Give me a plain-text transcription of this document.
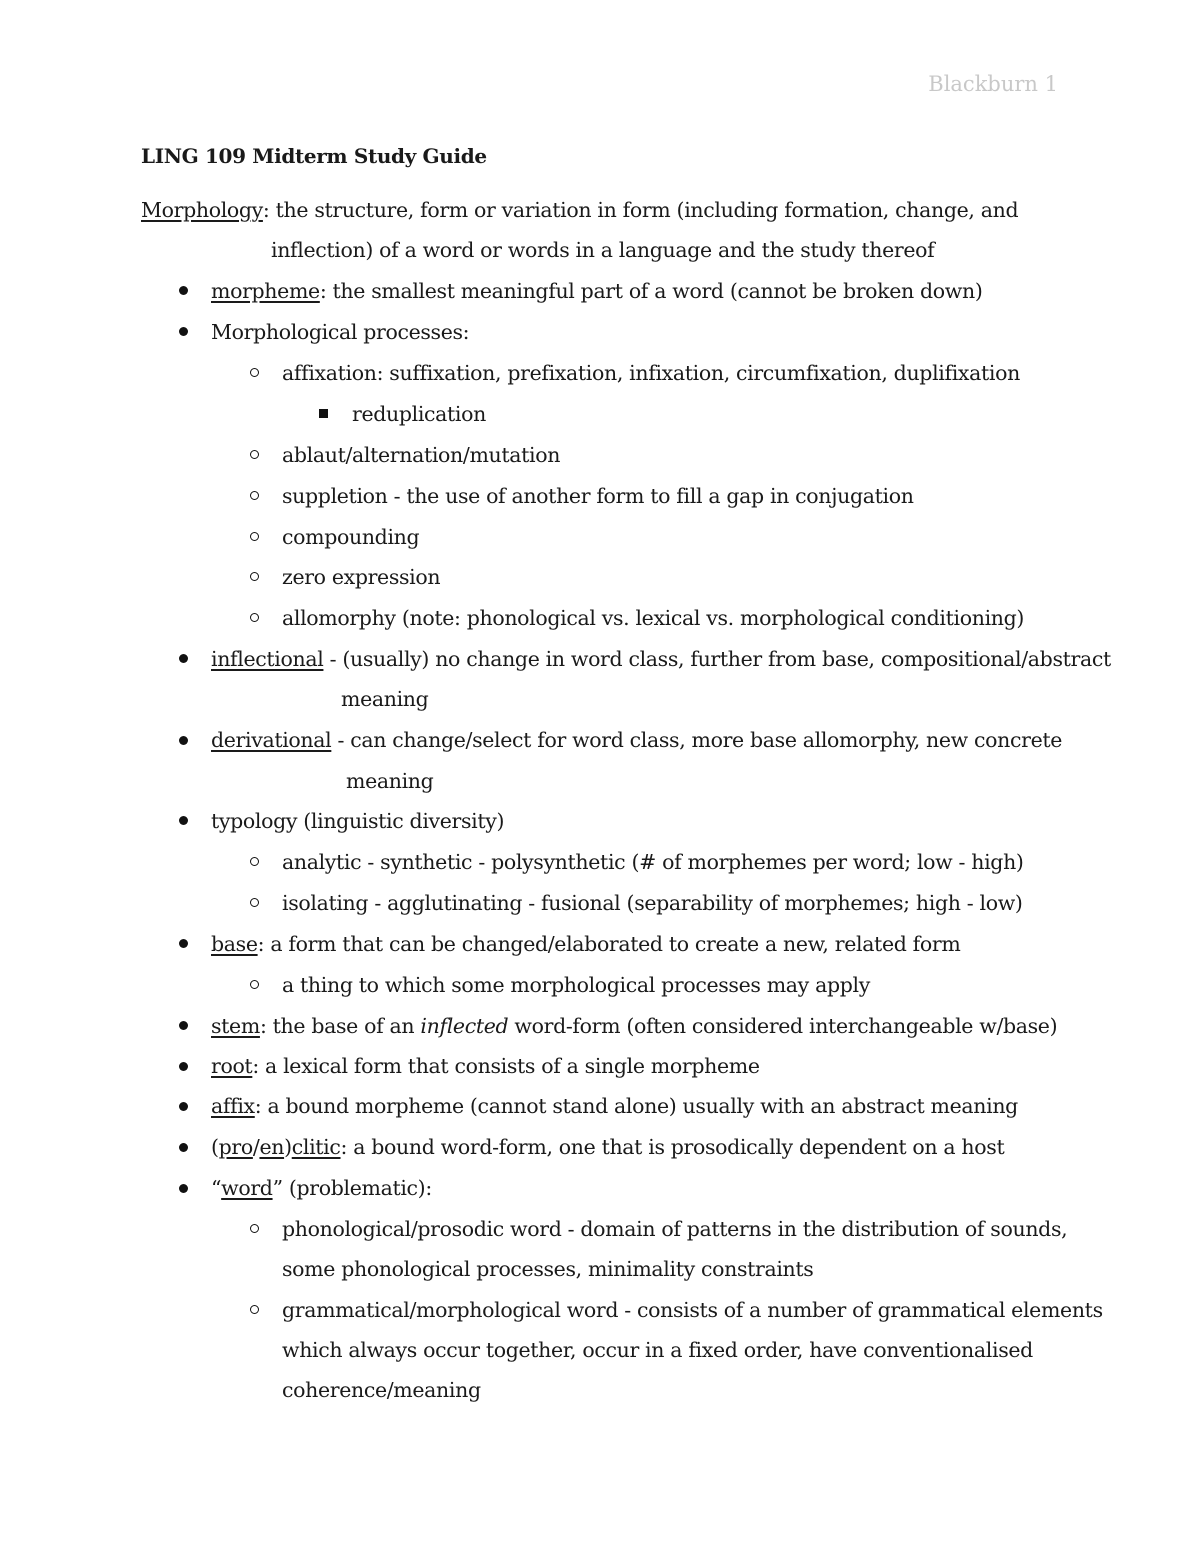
Blackburn 1
LING 109 Midterm Study Guide
Morphology: the structure, form or variation in form (including formation, change, and
inflection) of a word or words in a language and the study thereof
morpheme: the smallest meaningful part of a word (cannot be broken down)
Morphological processes:
affixation: suffixation, prefixation, infixation, circumfixation, duplifixation
reduplication
ablaut/alternation/mutation
suppletion - the use of another form to fill a gap in conjugation
compounding
zero expression
allomorphy (note: phonological vs. lexical vs. morphological conditioning)
inflectional - (usually) no change in word class, further from base, compositional/abstract
meaning
derivational - can change/select for word class, more base allomorphy, new concrete
meaning
typology (linguistic diversity)
analytic - synthetic - polysynthetic (# of morphemes per word; low - high)
isolating - agglutinating - fusional (separability of morphemes; high - low)
base: a form that can be changed/elaborated to create a new, related form
a thing to which some morphological processes may apply
stem: the base of an inflected word-form (often considered interchangeable w/base)
root: a lexical form that consists of a single morpheme
affix: a bound morpheme (cannot stand alone) usually with an abstract meaning
(pro/en)clitic: a bound word-form, one that is prosodically dependent on a host
“word” (problematic):
phonological/prosodic word - domain of patterns in the distribution of sounds,
some phonological processes, minimality constraints
grammatical/morphological word - consists of a number of grammatical elements
which always occur together, occur in a fixed order, have conventionalised
coherence/meaning
